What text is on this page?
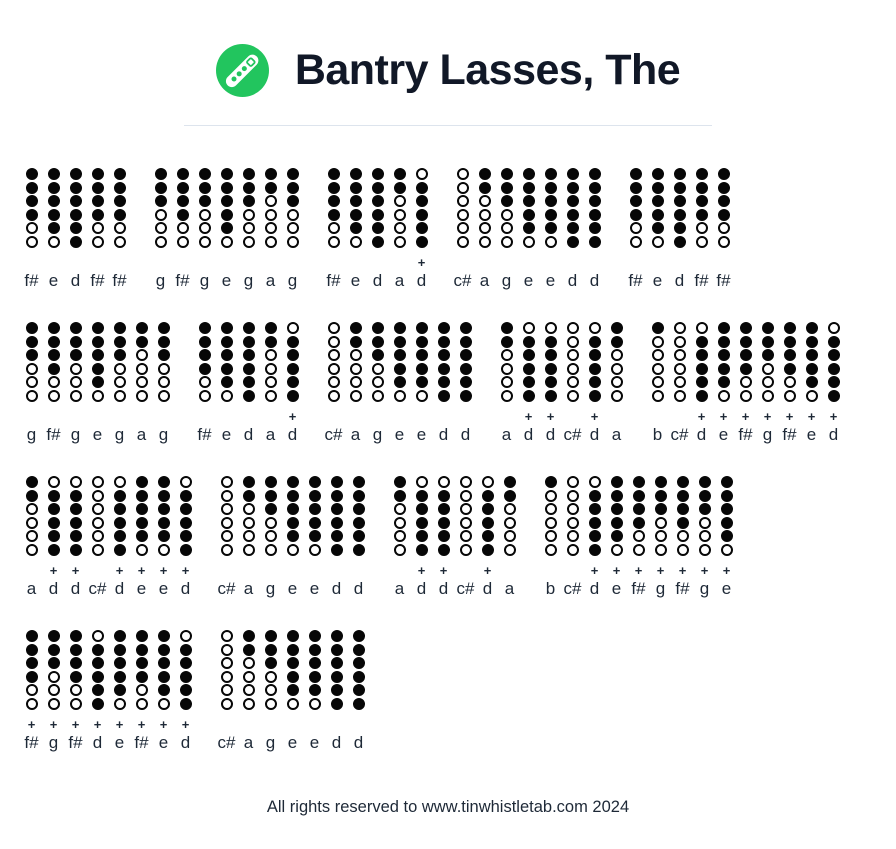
Bantry Lasses, The
f# e d f# f# g f# g e g a g f# e d a
+
d c# a g e e d d f# e d f# f#
g f# g e g a g f# e d a
+
d c# a g e e d d a
+
d
+
d c#
+
d a b c#
+
d
+
e
+
f#
+
g
+
f#
+
e
+
d
a
+
d
+
d c#
+
d
+
e
+
e
+
d c# a g e e d d a
+
d
+
d c#
+
d a b c#
+
d
+
e
+
f#
+
g
+
f#
+
g
+
e
+
f#
+
g
+
f#
+
d
+
e
+
f#
+
e
+
d c# a g e e d d
All rights reserved to www.tinwhistletab.com 2024
